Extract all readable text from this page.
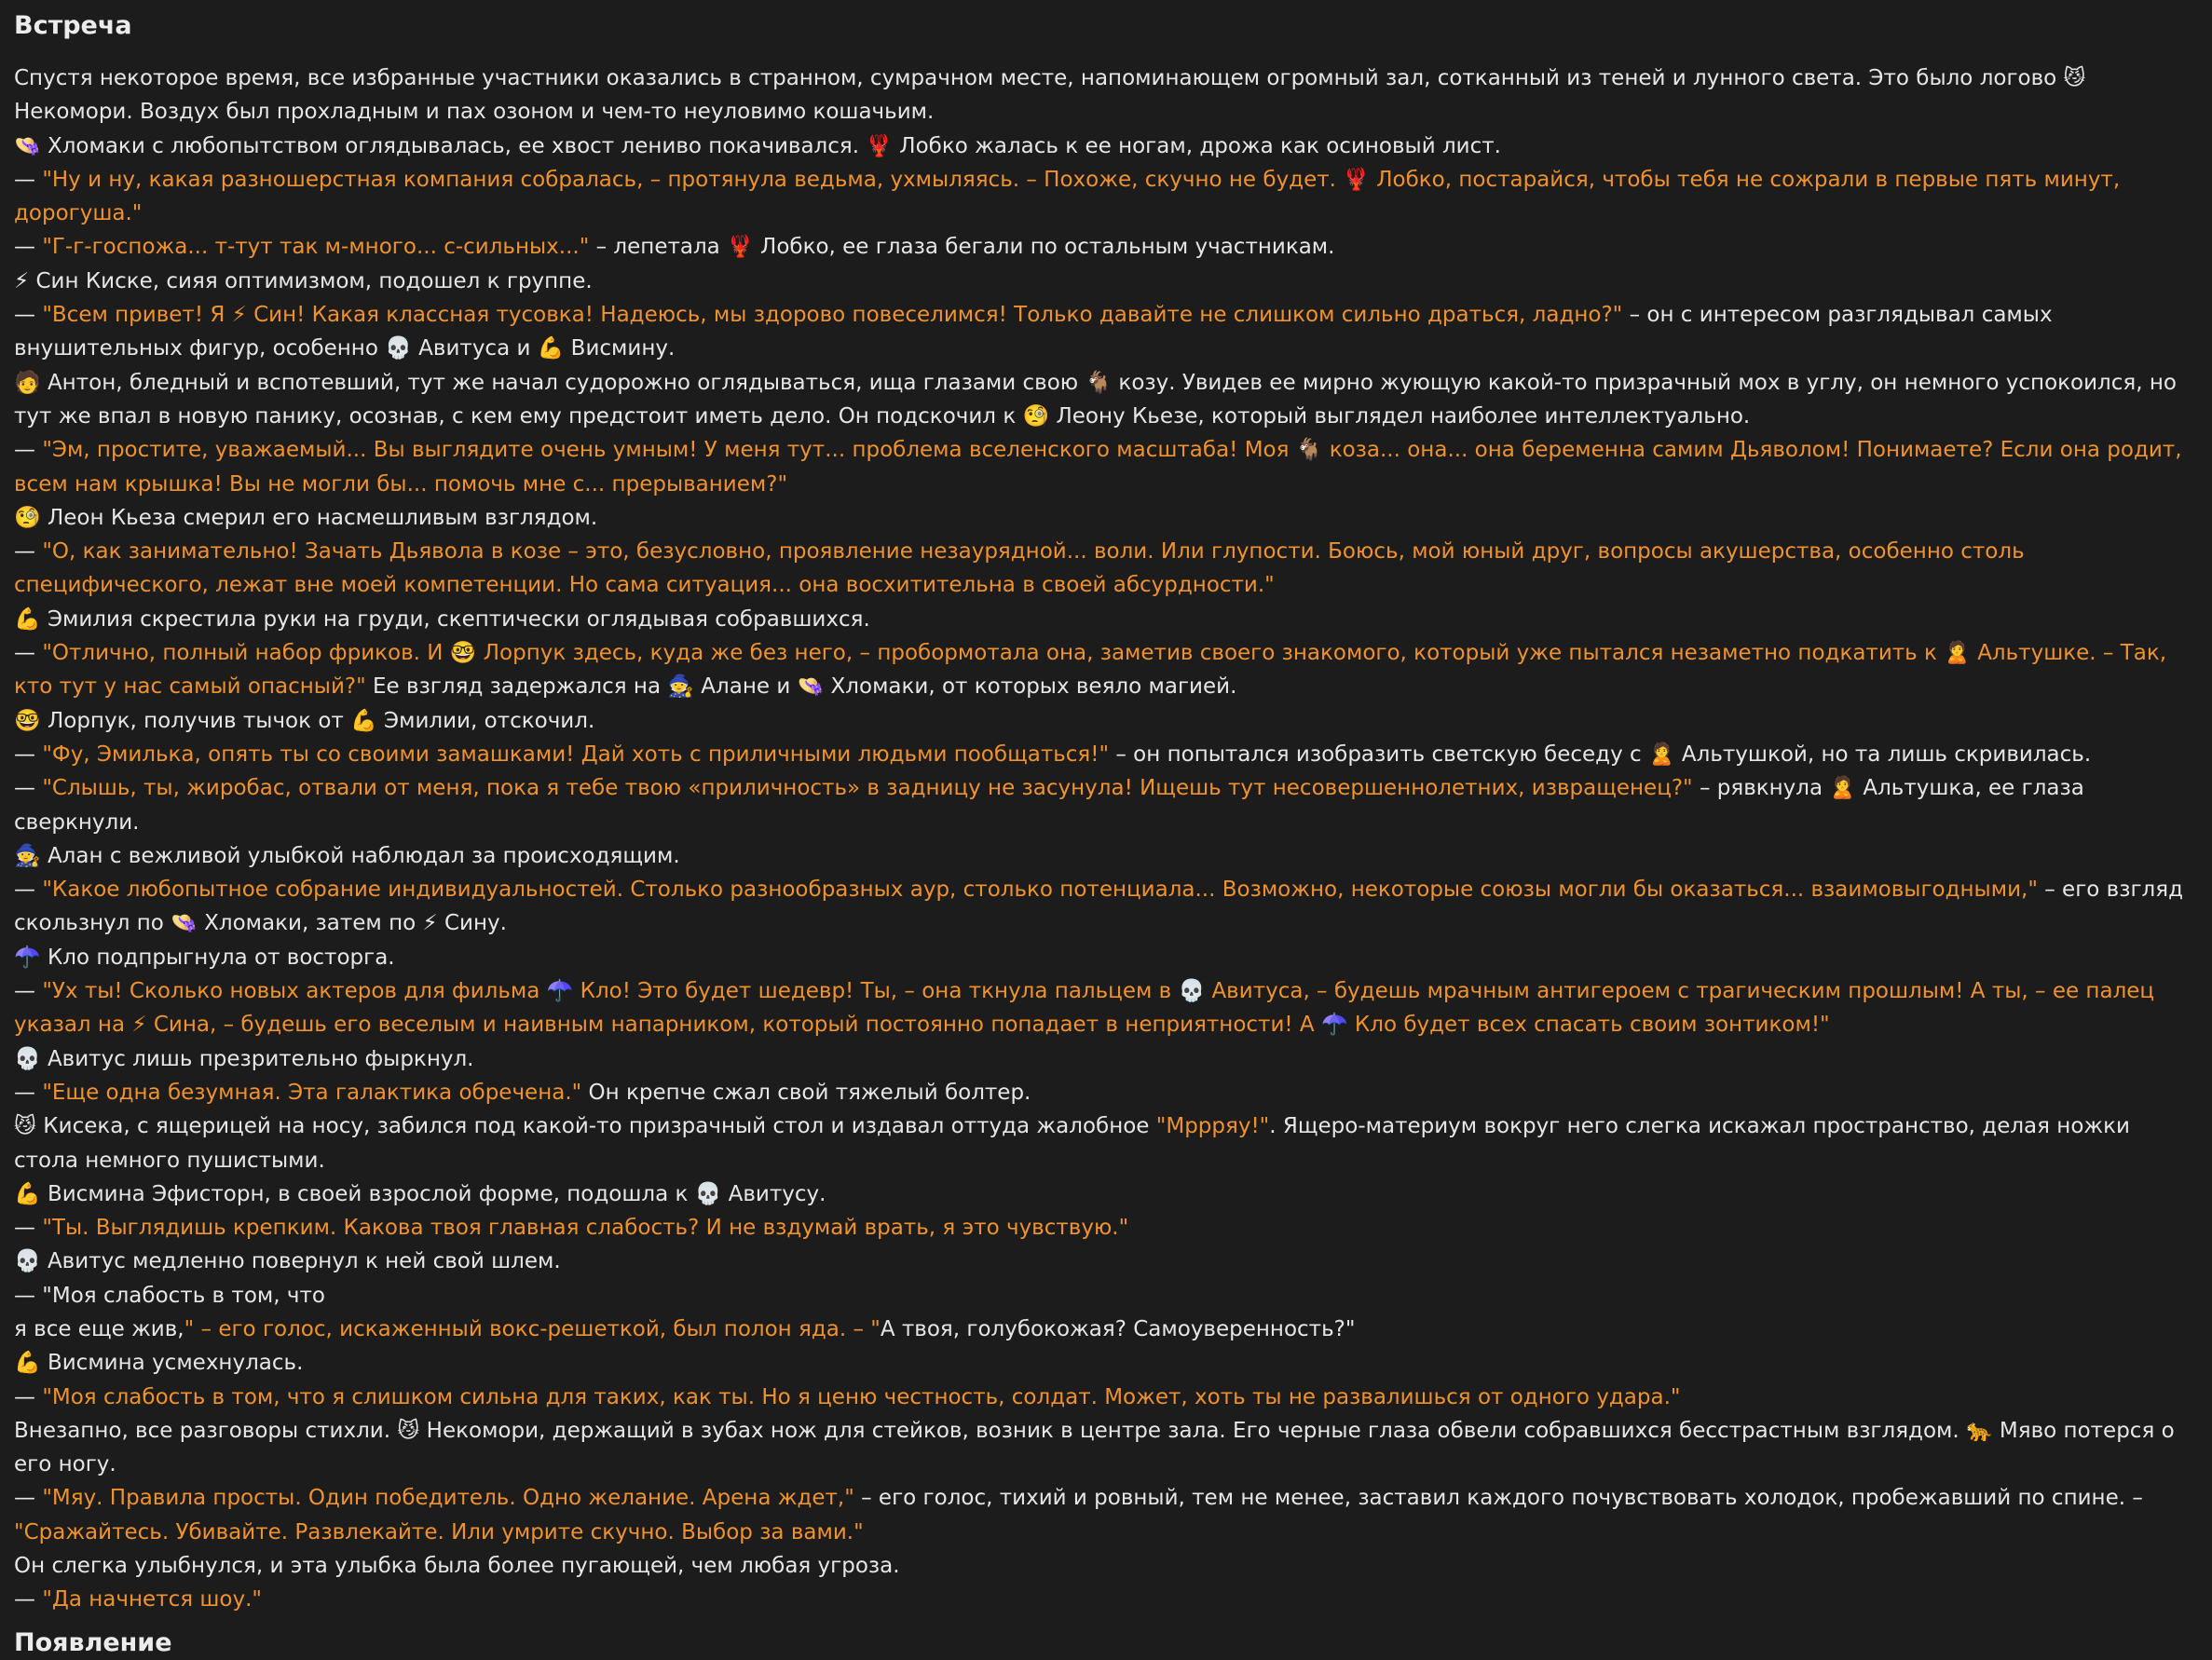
Встреча

Спустя некоторое время, все избранные участники оказались в странном, сумрачном месте, напоминающем огромный зал, сотканный из теней и лунного света. Это было логово 😼 Некомори. Воздух был прохладным и пах озоном и чем-то неуловимо кошачьим.

👒 Хломаки с любопытством оглядывалась, ее хвост лениво покачивался. 🦞 Лобко жалась к ее ногам, дрожа как осиновый лист.

— "Ну и ну, какая разношерстная компания собралась, – протянула ведьма, ухмыляясь. – Похоже, скучно не будет. 🦞 Лобко, постарайся, чтобы тебя не сожрали в первые пять минут, дорогуша."

— "Г-г-госпожа... т-тут так м-много... с-сильных..." – лепетала 🦞 Лобко, ее глаза бегали по остальным участникам.

⚡ Син Киске, сияя оптимизмом, подошел к группе.

— "Всем привет! Я ⚡ Син! Какая классная тусовка! Надеюсь, мы здорово повеселимся! Только давайте не слишком сильно драться, ладно?" – он с интересом разглядывал самых внушительных фигур, особенно 💀 Авитуса и 💪 Висмину.

🧑 Антон, бледный и вспотевший, тут же начал судорожно оглядываться, ища глазами свою 🐐 козу. Увидев ее мирно жующую какой-то призрачный мох в углу, он немного успокоился, но тут же впал в новую панику, осознав, с кем ему предстоит иметь дело. Он подскочил к 🧐 Леону Кьезе, который выглядел наиболее интеллектуально.

— "Эм, простите, уважаемый... Вы выглядите очень умным! У меня тут... проблема вселенского масштаба! Моя 🐐 коза... она... она беременна самим Дьяволом! Понимаете? Если она родит, всем нам крышка! Вы не могли бы... помочь мне с... прерыванием?"

🧐 Леон Кьеза смерил его насмешливым взглядом.

— "О, как занимательно! Зачать Дьявола в козе – это, безусловно, проявление незаурядной... воли. Или глупости. Боюсь, мой юный друг, вопросы акушерства, особенно столь специфического, лежат вне моей компетенции. Но сама ситуация... она восхитительна в своей абсурдности."

💪 Эмилия скрестила руки на груди, скептически оглядывая собравшихся.

— "Отлично, полный набор фриков. И 🤓 Лорпук здесь, куда же без него, – пробормотала она, заметив своего знакомого, который уже пытался незаметно подкатить к 🙎 Альтушке. – Так, кто тут у нас самый опасный?" Ее взгляд задержался на 🧙 Алане и 👒 Хломаки, от которых веяло магией.

🤓 Лорпук, получив тычок от 💪 Эмилии, отскочил.

— "Фу, Эмилька, опять ты со своими замашками! Дай хоть с приличными людьми пообщаться!" – он попытался изобразить светскую беседу с 🙎 Альтушкой, но та лишь скривилась.

— "Слышь, ты, жиробас, отвали от меня, пока я тебе твою «приличность» в задницу не засунула! Ищешь тут несовершеннолетних, извращенец?" – рявкнула 🙎 Альтушка, ее глаза сверкнули.

🧙 Алан с вежливой улыбкой наблюдал за происходящим.

— "Какое любопытное собрание индивидуальностей. Столько разнообразных аур, столько потенциала... Возможно, некоторые союзы могли бы оказаться... взаимовыгодными," – его взгляд скользнул по 👒 Хломаки, затем по ⚡ Сину.

☂️ Кло подпрыгнула от восторга.

— "Ух ты! Сколько новых актеров для фильма ☂️ Кло! Это будет шедевр! Ты, – она ткнула пальцем в 💀 Авитуса, – будешь мрачным антигероем с трагическим прошлым! А ты, – ее палец указал на ⚡ Сина, – будешь его веселым и наивным напарником, который постоянно попадает в неприятности! А ☂️ Кло будет всех спасать своим зонтиком!"

💀 Авитус лишь презрительно фыркнул.

— "Еще одна безумная. Эта галактика обречена." Он крепче сжал свой тяжелый болтер.

😼 Кисека, с ящерицей на носу, забился под какой-то призрачный стол и издавал оттуда жалобное "Мррряу!". Ящеро-материум вокруг него слегка искажал пространство, делая ножки стола немного пушистыми.

💪 Висмина Эфисторн, в своей взрослой форме, подошла к 💀 Авитусу.

— "Ты. Выглядишь крепким. Какова твоя главная слабость? И не вздумай врать, я это чувствую."

💀 Авитус медленно повернул к ней свой шлем.

— "Моя слабость в том, что

я все еще жив," – его голос, искаженный вокс-решеткой, был полон яда. – "А твоя, голубокожая? Самоуверенность?"

💪 Висмина усмехнулась.

— "Моя слабость в том, что я слишком сильна для таких, как ты. Но я ценю честность, солдат. Может, хоть ты не развалишься от одного удара."

Внезапно, все разговоры стихли. 😼 Некомори, держащий в зубах нож для стейков, возник в центре зала. Его черные глаза обвели собравшихся бесстрастным взглядом. 🐆 Мяво потерся о его ногу.

— "Мяу. Правила просты. Один победитель. Одно желание. Арена ждет," – его голос, тихий и ровный, тем не менее, заставил каждого почувствовать холодок, пробежавший по спине. – "Сражайтесь. Убивайте. Развлекайте. Или умрите скучно. Выбор за вами."

Он слегка улыбнулся, и эта улыбка была более пугающей, чем любая угроза.

— "Да начнется шоу."

Появление
